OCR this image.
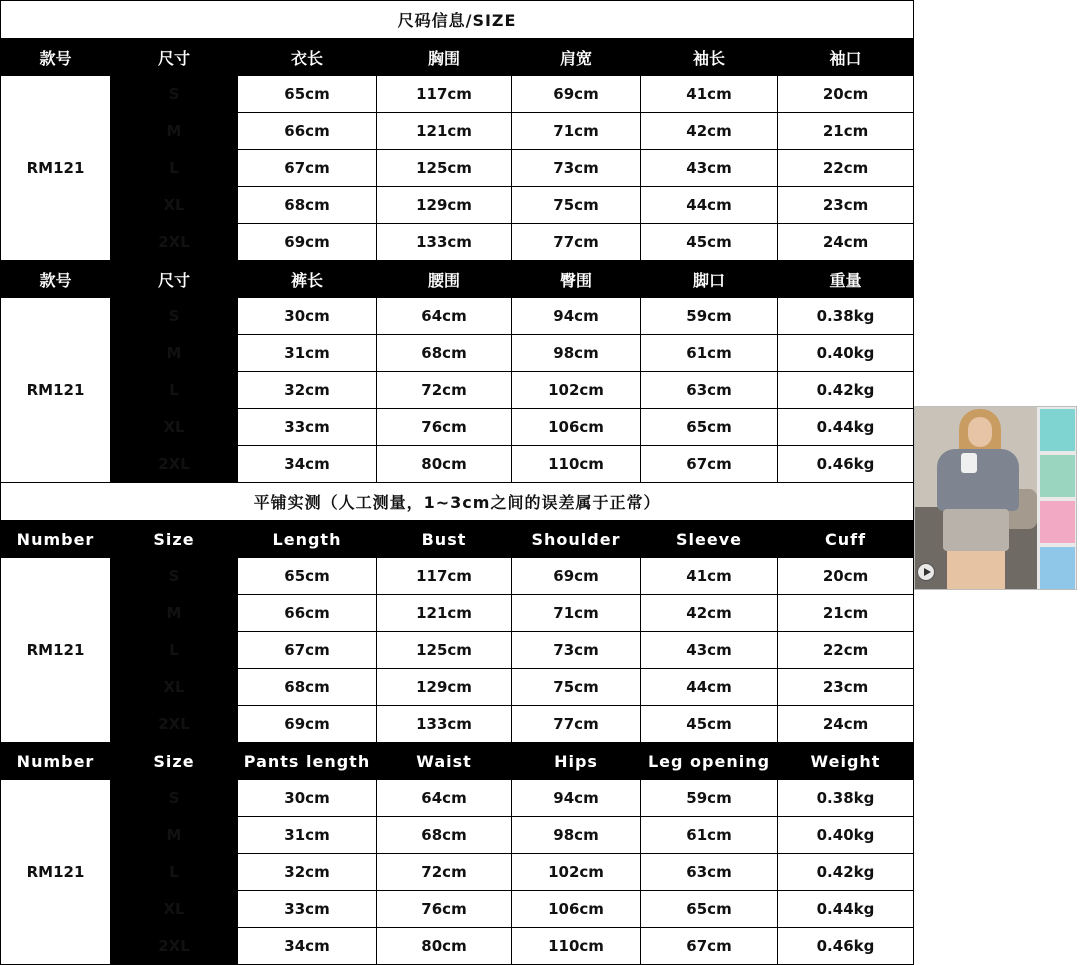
尺码信息/SIZE						
款号	尺寸	衣长	胸围	肩宽	袖长	袖口
RM121	S	65cm	117cm	69cm	41cm	20cm
	M	66cm	121cm	71cm	42cm	21cm
	L	67cm	125cm	73cm	43cm	22cm
	XL	68cm	129cm	75cm	44cm	23cm
	2XL	69cm	133cm	77cm	45cm	24cm
款号	尺寸	裤长	腰围	臀围	脚口	重量
RM121	S	30cm	64cm	94cm	59cm	0.38kg
	M	31cm	68cm	98cm	61cm	0.40kg
	L	32cm	72cm	102cm	63cm	0.42kg
	XL	33cm	76cm	106cm	65cm	0.44kg
	2XL	34cm	80cm	110cm	67cm	0.46kg
平铺实测（人工测量，1~3cm之间的误差属于正常）						
Number	Size	Length	Bust	Shoulder	Sleeve	Cuff
RM121	S	65cm	117cm	69cm	41cm	20cm
	M	66cm	121cm	71cm	42cm	21cm
	L	67cm	125cm	73cm	43cm	22cm
	XL	68cm	129cm	75cm	44cm	23cm
	2XL	69cm	133cm	77cm	45cm	24cm
Number	Size	Pants length	Waist	Hips	Leg opening	Weight
RM121	S	30cm	64cm	94cm	59cm	0.38kg
	M	31cm	68cm	98cm	61cm	0.40kg
	L	32cm	72cm	102cm	63cm	0.42kg
	XL	33cm	76cm	106cm	65cm	0.44kg
	2XL	34cm	80cm	110cm	67cm	0.46kg
